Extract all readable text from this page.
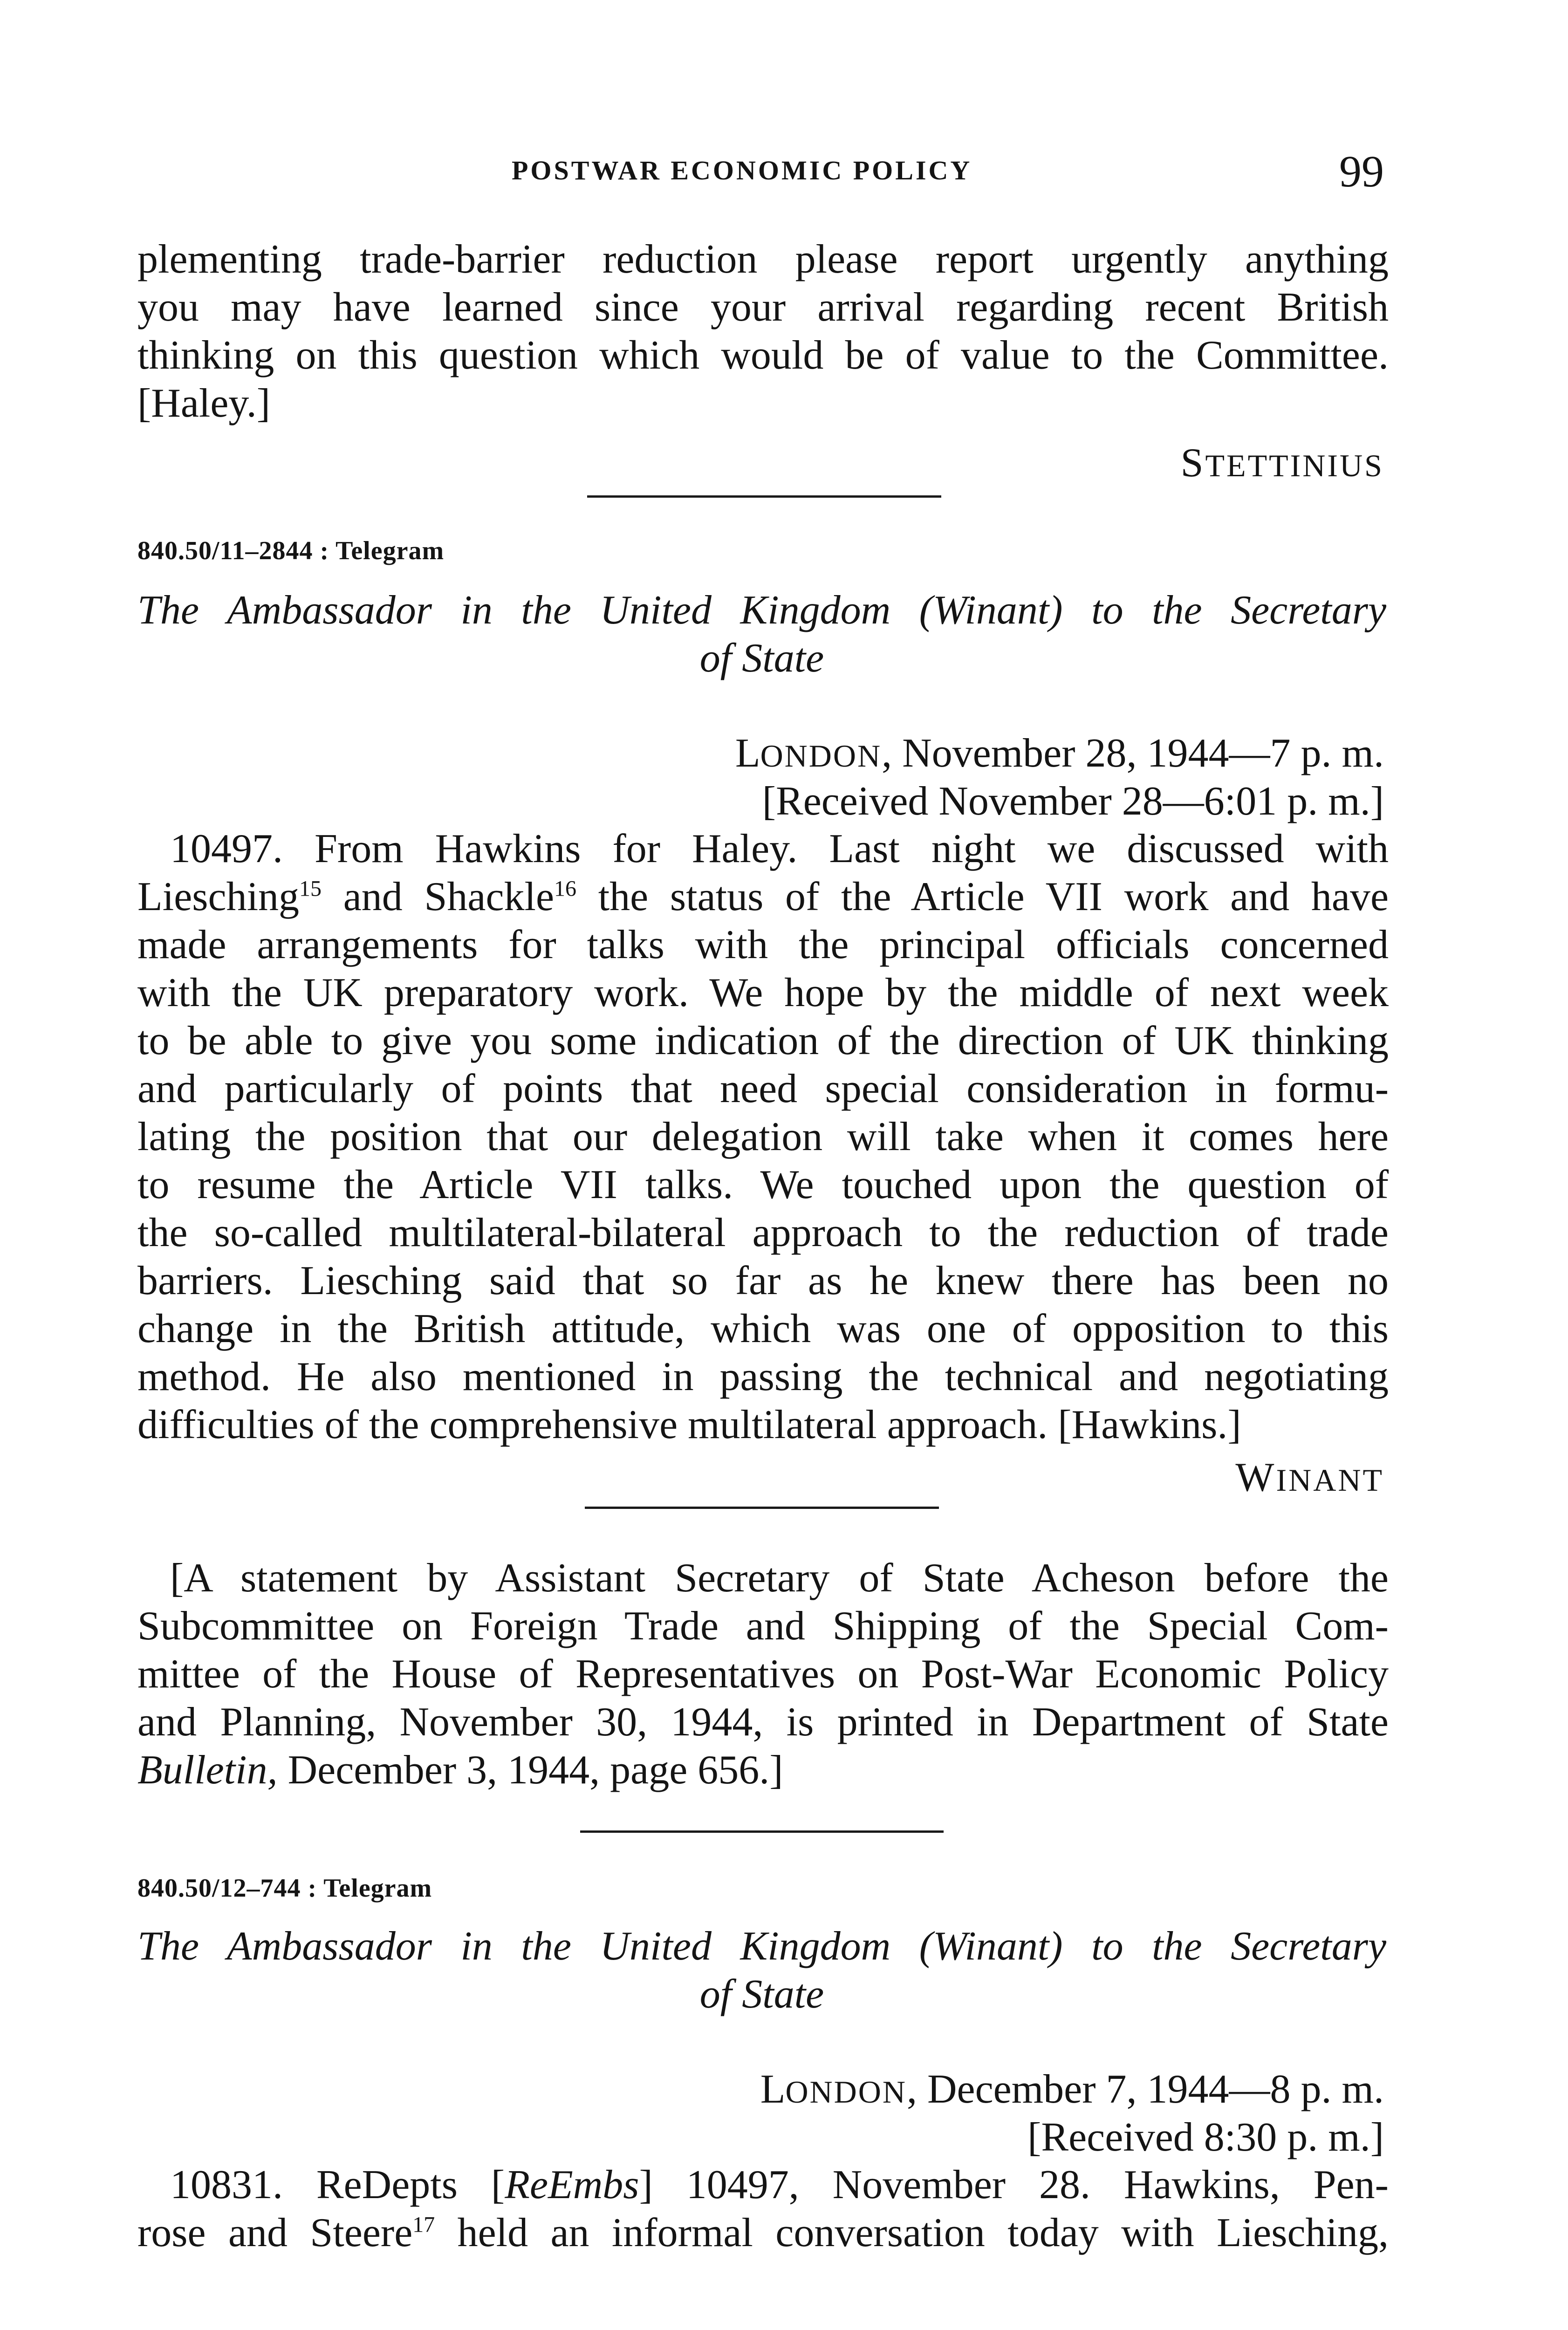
POSTWAR ECONOMIC POLICY	99
plementing trade-barrier reduction please report urgently anything
you may have learned since your arrival regarding recent British
thinking on this question which would be of value to the Committee.
[Haley.]
STETTINIUS
840.50/11–2844 : Telegram
The Ambassador in the United Kingdom (Winant) to the Secretary
of State
LONDON, November 28, 1944—7 p. m.
[Received November 28—6:01 p. m.]
10497. From Hawkins for Haley. Last night we discussed with
Liesching$^{15}$ and Shackle$^{16}$ the status of the Article VII work and have
made arrangements for talks with the principal officials concerned
with the UK preparatory work. We hope by the middle of next week
to be able to give you some indication of the direction of UK thinking
and particularly of points that need special consideration in formu-
lating the position that our delegation will take when it comes here
to resume the Article VII talks. We touched upon the question of
the so-called multilateral-bilateral approach to the reduction of trade
barriers. Liesching said that so far as he knew there has been no
change in the British attitude, which was one of opposition to this
method. He also mentioned in passing the technical and negotiating
difficulties of the comprehensive multilateral approach. [Hawkins.]
WINANT
[A statement by Assistant Secretary of State Acheson before the
Subcommittee on Foreign Trade and Shipping of the Special Com-
mittee of the House of Representatives on Post-War Economic Policy
and Planning, November 30, 1944, is printed in Department of State
Bulletin, December 3, 1944, page 656.]
840.50/12–744 : Telegram
The Ambassador in the United Kingdom (Winant) to the Secretary
of State
LONDON, December 7, 1944—8 p. m.
[Received 8:30 p. m.]
10831. ReDepts [ReEmbs] 10497, November 28. Hawkins, Pen-
rose and Steere$^{17}$ held an informal conversation today with Liesching,
